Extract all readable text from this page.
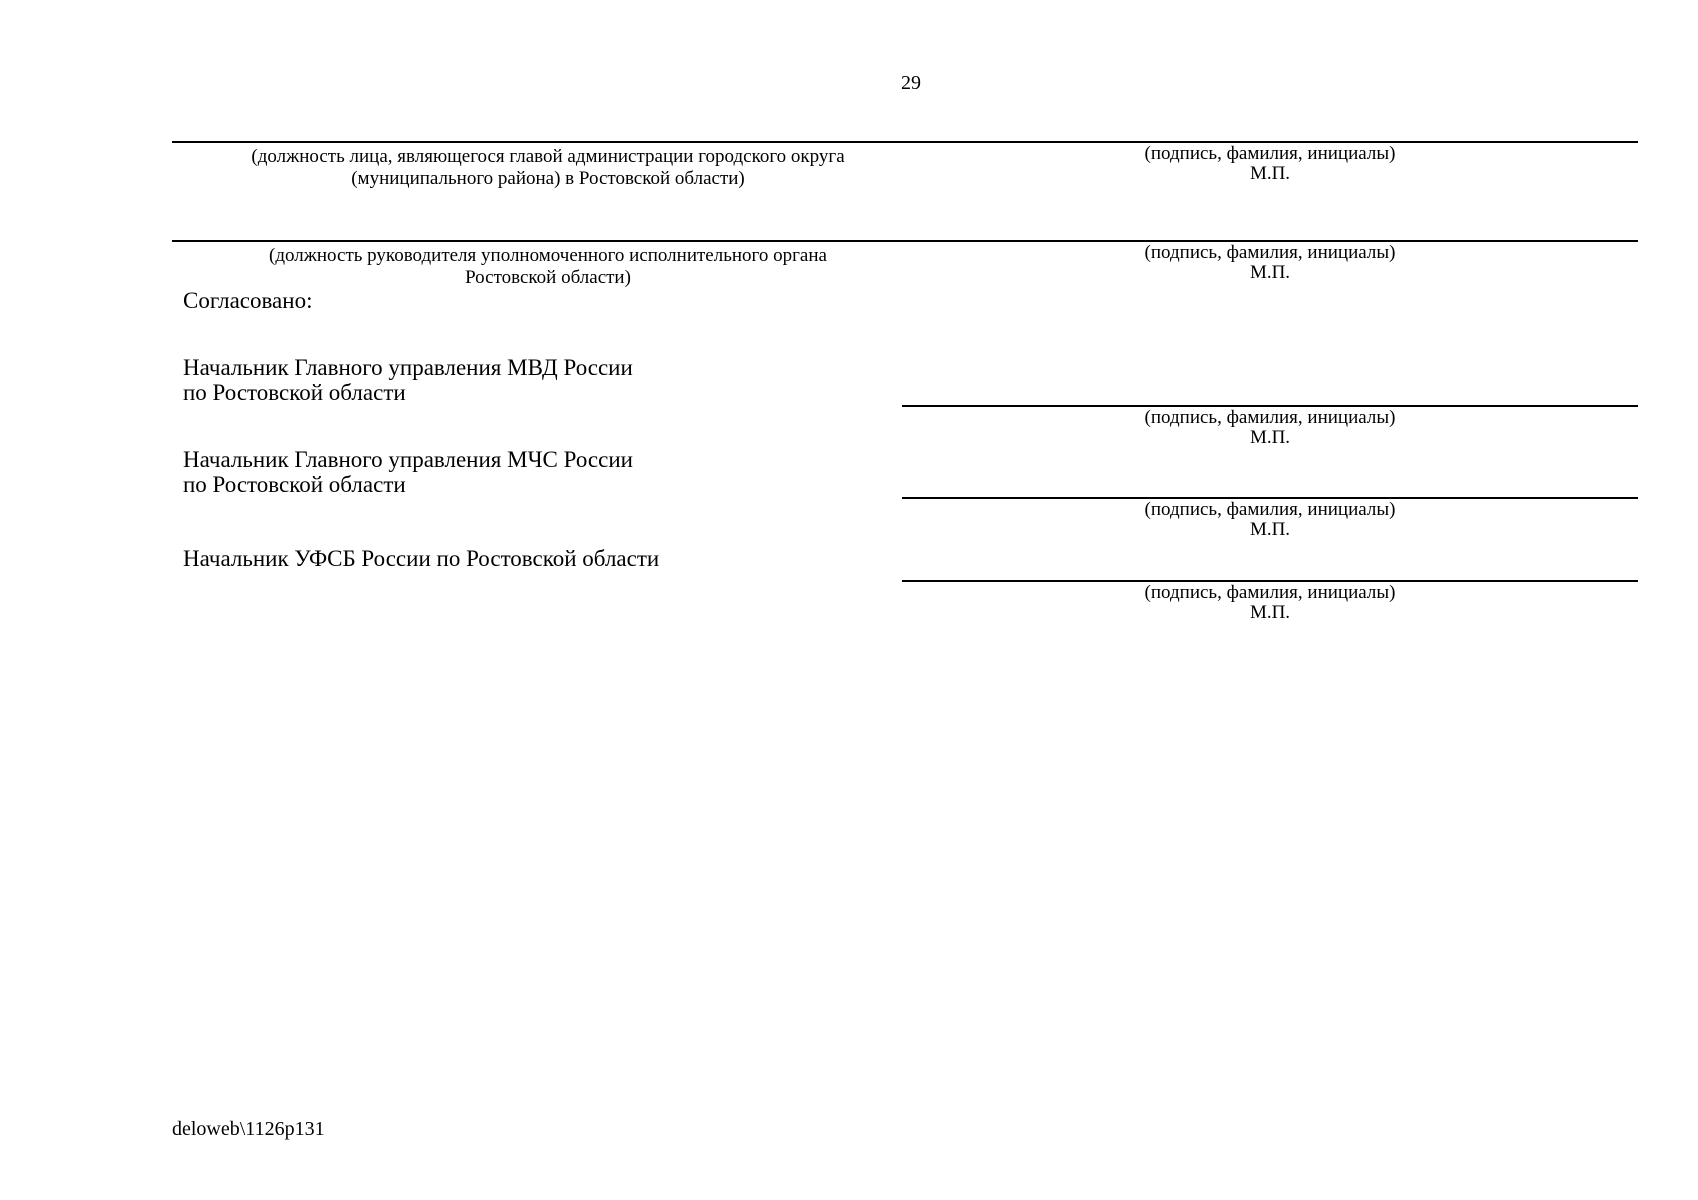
29
(должность лица, являющегося главой администрации городского округа
(муниципального района) в Ростовской области)
(подпись, фамилия, инициалы)
М.П.
(должность руководителя уполномоченного исполнительного органа
Ростовской области)
(подпись, фамилия, инициалы)
М.П.
Согласовано:
Начальник Главного управления МВД России
по Ростовской области
(подпись, фамилия, инициалы)
М.П.
Начальник Главного управления МЧС России
по Ростовской области
(подпись, фамилия, инициалы)
М.П.
Начальник УФСБ России по Ростовской области
(подпись, фамилия, инициалы)
М.П.
deloweb\1126р131
